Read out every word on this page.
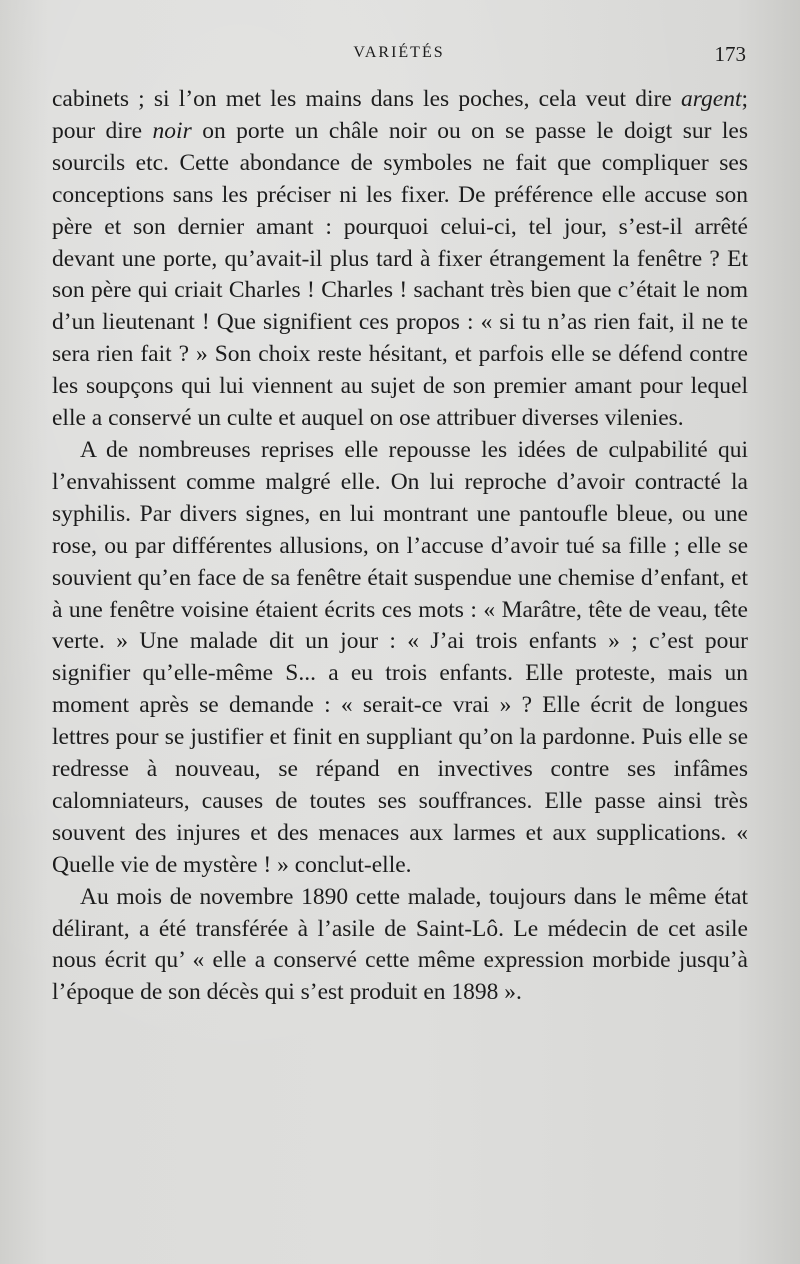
VARIÉTÉS	173

cabinets ; si l’on met les mains dans les poches, cela veut dire argent; pour dire noir on porte un châle noir ou on se passe le doigt sur les sourcils etc. Cette abondance de symboles ne fait que compliquer ses conceptions sans les préciser ni les fixer. De préférence elle accuse son père et son dernier amant : pourquoi celui-ci, tel jour, s’est-il arrêté devant une porte, qu’avait-il plus tard à fixer étrangement la fenêtre ? Et son père qui criait Charles ! Charles ! sachant très bien que c’était le nom d’un lieutenant ! Que signifient ces propos : « si tu n’as rien fait, il ne te sera rien fait ? » Son choix reste hésitant, et parfois elle se défend contre les soupçons qui lui viennent au sujet de son premier amant pour lequel elle a conservé un culte et auquel on ose attribuer diverses vilenies.

A de nombreuses reprises elle repousse les idées de culpabilité qui l’envahissent comme malgré elle. On lui reproche d’avoir contracté la syphilis. Par divers signes, en lui montrant une pantoufle bleue, ou une rose, ou par différentes allusions, on l’accuse d’avoir tué sa fille ; elle se souvient qu’en face de sa fenêtre était suspendue une chemise d’enfant, et à une fenêtre voisine étaient écrits ces mots : « Marâtre, tête de veau, tête verte. » Une malade dit un jour : « J’ai trois enfants » ; c’est pour signifier qu’elle-même S... a eu trois enfants. Elle proteste, mais un moment après se demande : « serait-ce vrai » ? Elle écrit de longues lettres pour se justifier et finit en suppliant qu’on la pardonne. Puis elle se redresse à nouveau, se répand en invectives contre ses infâmes calomniateurs, causes de toutes ses souffrances. Elle passe ainsi très souvent des injures et des menaces aux larmes et aux supplications. « Quelle vie de mystère ! » conclut-elle.

Au mois de novembre 1890 cette malade, toujours dans le même état délirant, a été transférée à l’asile de Saint-Lô. Le médecin de cet asile nous écrit qu’ « elle a conservé cette même expression morbide jusqu’à l’époque de son décès qui s’est produit en 1898 ».
